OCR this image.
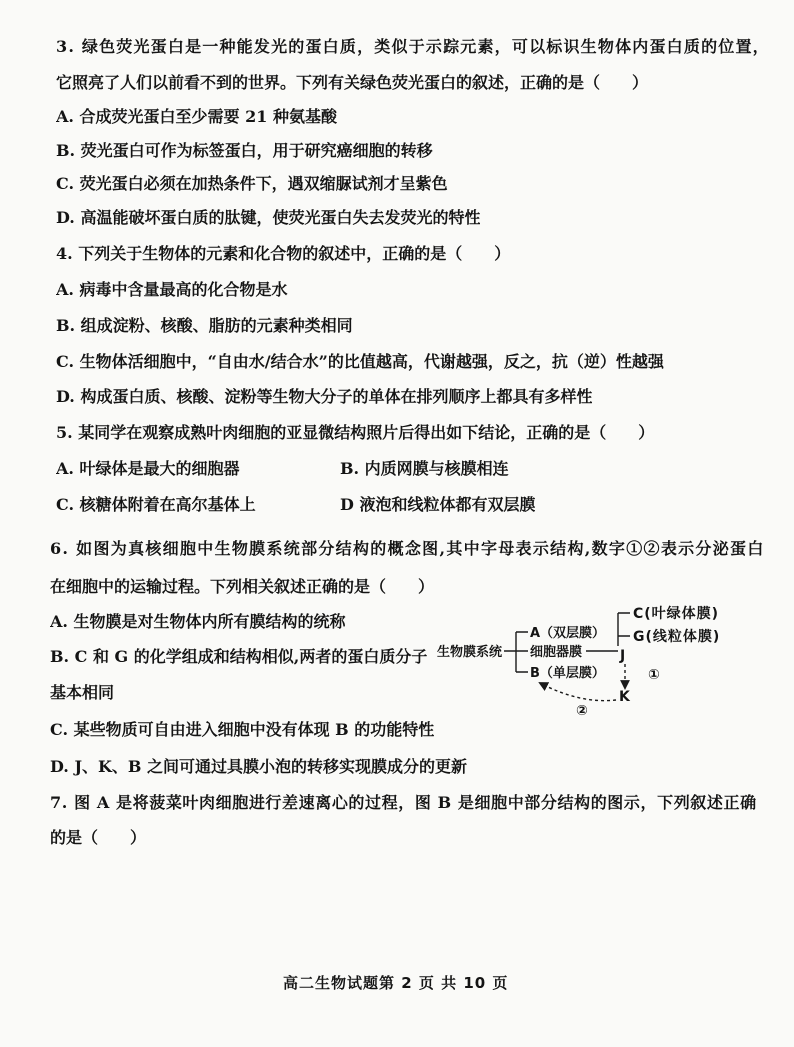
3. 绿色荧光蛋白是一种能发光的蛋白质，类似于示踪元素，可以标识生物体内蛋白质的位置，
它照亮了人们以前看不到的世界。下列有关绿色荧光蛋白的叙述，正确的是（　　）
A. 合成荧光蛋白至少需要 21 种氨基酸
B. 荧光蛋白可作为标签蛋白，用于研究癌细胞的转移
C. 荧光蛋白必须在加热条件下，遇双缩脲试剂才呈紫色
D. 高温能破坏蛋白质的肽键，使荧光蛋白失去发荧光的特性
4. 下列关于生物体的元素和化合物的叙述中，正确的是（　　）
A. 病毒中含量最高的化合物是水
B. 组成淀粉、核酸、脂肪的元素种类相同
C. 生物体活细胞中，“自由水/结合水”的比值越高，代谢越强，反之，抗（逆）性越强
D. 构成蛋白质、核酸、淀粉等生物大分子的单体在排列顺序上都具有多样性
5. 某同学在观察成熟叶肉细胞的亚显微结构照片后得出如下结论，正确的是（　　）
A. 叶绿体是最大的细胞器	B. 内质网膜与核膜相连
C. 核糖体附着在高尔基体上	D 液泡和线粒体都有双层膜
6. 如图为真核细胞中生物膜系统部分结构的概念图,其中字母表示结构,数字①②表示分泌蛋白
在细胞中的运输过程。下列相关叙述正确的是（　　）
A. 生物膜是对生物体内所有膜结构的统称
B. C 和 G 的化学组成和结构相似,两者的蛋白质分子
基本相同
C. 某些物质可自由进入细胞中没有体现 B 的功能特性
D. J、K、B 之间可通过具膜小泡的转移实现膜成分的更新
生物膜系统
A（双层膜）
细胞器膜
B（单层膜）
C(叶绿体膜)
G(线粒体膜)
J
①
K
②
7. 图 A 是将菠菜叶肉细胞进行差速离心的过程，图 B 是细胞中部分结构的图示，下列叙述正确
的是（　　）
高二生物试题第 2 页 共 10 页
